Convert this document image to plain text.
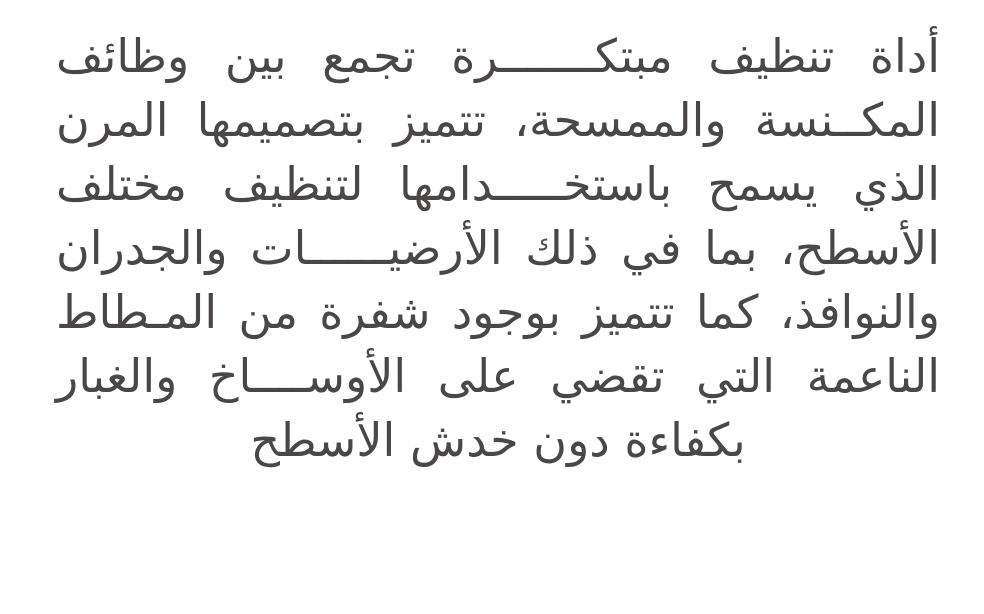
أداة تنظيف مبتكـــــــرة تجمع بين وظائف
المكــنسة والممسحة، تتميز بتصميمها المرن
الذي يسمح باستخـــــدامها لتنظيف مختلف
الأسطح، بما في ذلك الأرضيــــــات والجدران
والنوافذ، كما تتميز بوجود شفرة من المـطاط
الناعمة التي تقضي على الأوســــاخ والغبار
بكفاءة دون خدش الأسطح
